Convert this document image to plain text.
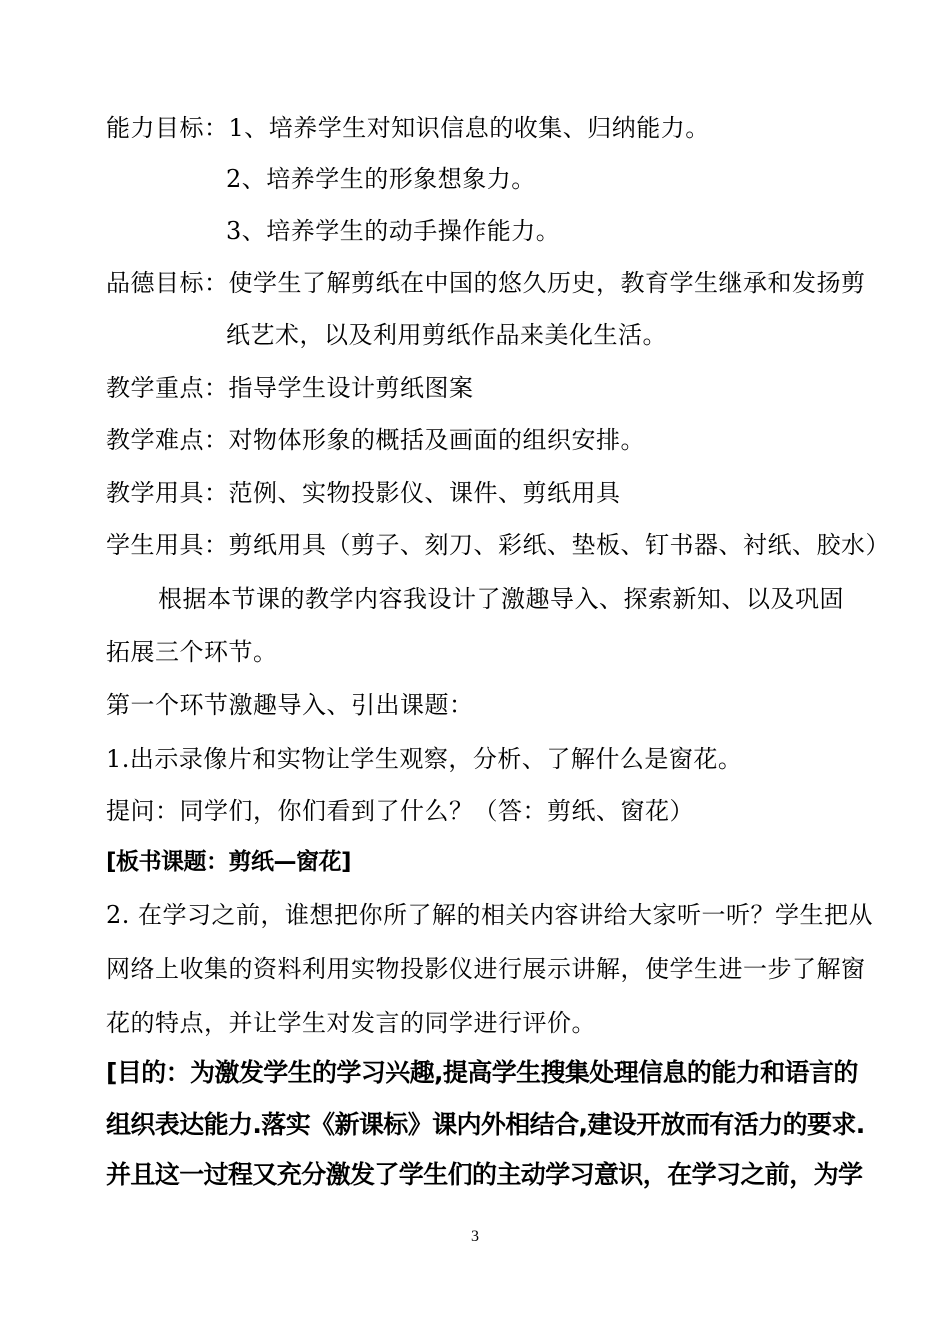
能力目标：1、培养学生对知识信息的收集、归纳能力。
2、培养学生的形象想象力。
3、培养学生的动手操作能力。
品德目标：使学生了解剪纸在中国的悠久历史，教育学生继承和发扬剪
纸艺术，以及利用剪纸作品来美化生活。
教学重点：指导学生设计剪纸图案
教学难点：对物体形象的概括及画面的组织安排。
教学用具：范例、实物投影仪、课件、剪纸用具
学生用具：剪纸用具（剪子、刻刀、彩纸、垫板、钉书器、衬纸、胶水）
根据本节课的教学内容我设计了激趣导入、探索新知、以及巩固
拓展三个环节。
第一个环节激趣导入、引出课题：
1.出示录像片和实物让学生观察，分析、了解什么是窗花。
提问：同学们，你们看到了什么？（答：剪纸、窗花）
[板书课题：剪纸—窗花]
2. 在学习之前，谁想把你所了解的相关内容讲给大家听一听？学生把从
网络上收集的资料利用实物投影仪进行展示讲解，使学生进一步了解窗
花的特点，并让学生对发言的同学进行评价。
[目的：为激发学生的学习兴趣,提高学生搜集处理信息的能力和语言的
组织表达能力.落实《新课标》课内外相结合,建设开放而有活力的要求.
并且这一过程又充分激发了学生们的主动学习意识，在学习之前，为学
3
